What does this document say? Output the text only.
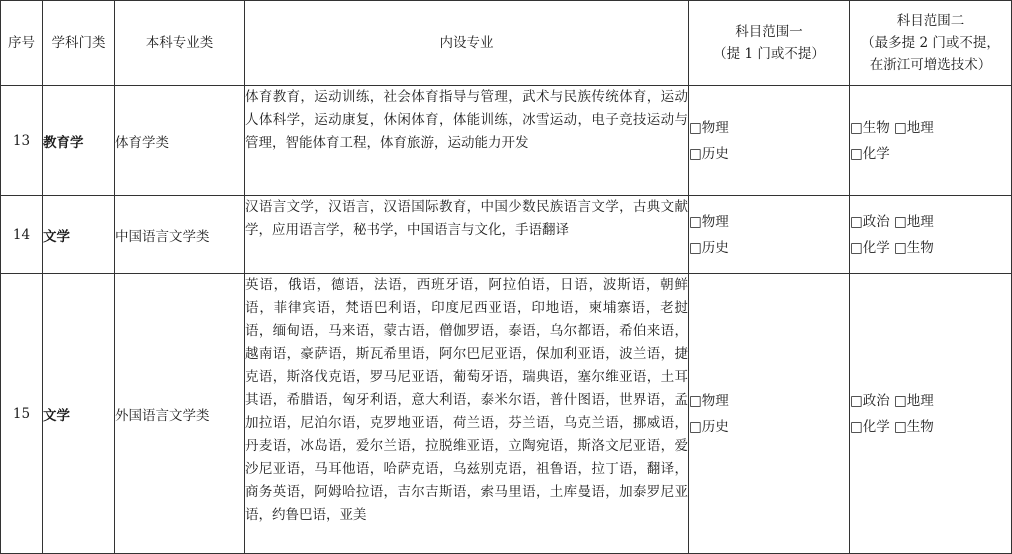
序号	学科门类	本科专业类	内设专业	科目范围一
（提 1 门或不提）	科目范围二
（最多提 2 门或不提，
在浙江可增选技术）

13	教育学	体育学类	体育教育，运动训练，社会体育指导与管理，武术与民族传统体育，运动人体科学，运动康复，休闲体育，体能训练，冰雪运动，电子竞技运动与管理，智能体育工程，体育旅游，运动能力开发	□物理
□历史	□生物 □地理
□化学

14	文学	中国语言文学类	汉语言文学，汉语言，汉语国际教育，中国少数民族语言文学，古典文献学，应用语言学，秘书学，中国语言与文化，手语翻译	□物理
□历史	□政治 □地理
□化学 □生物

15	文学	外国语言文学类	英语，俄语，德语，法语，西班牙语，阿拉伯语，日语，波斯语，朝鲜语，菲律宾语，梵语巴利语，印度尼西亚语，印地语，柬埔寨语，老挝语，缅甸语，马来语，蒙古语，僧伽罗语，泰语，乌尔都语，希伯来语，越南语，豪萨语，斯瓦希里语，阿尔巴尼亚语，保加利亚语，波兰语，捷克语，斯洛伐克语，罗马尼亚语，葡萄牙语，瑞典语，塞尔维亚语，土耳其语，希腊语，匈牙利语，意大利语，泰米尔语，普什图语，世界语，孟加拉语，尼泊尔语，克罗地亚语，荷兰语，芬兰语，乌克兰语，挪威语，丹麦语，冰岛语，爱尔兰语，拉脱维亚语，立陶宛语，斯洛文尼亚语，爱沙尼亚语，马耳他语，哈萨克语，乌兹别克语，祖鲁语，拉丁语，翻译，商务英语，阿姆哈拉语，吉尔吉斯语，索马里语，土库曼语，加泰罗尼亚语，约鲁巴语，亚美	□物理
□历史	□政治 □地理
□化学 □生物
